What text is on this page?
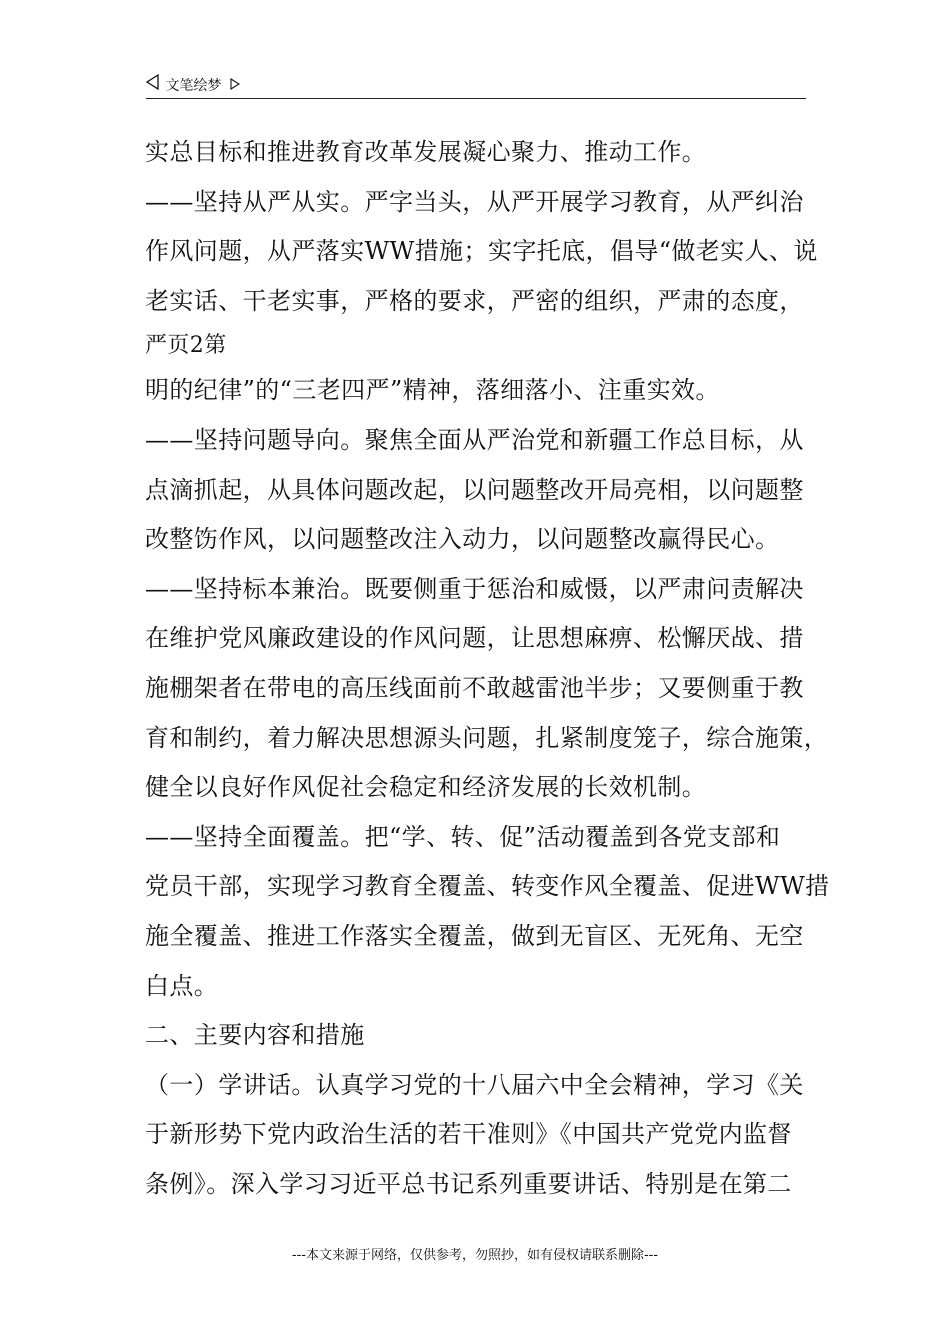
文笔绘梦
实总目标和推进教育改革发展凝心聚力、推动工作。
——坚持从严从实。严字当头，从严开展学习教育，从严纠治
作风问题，从严落实WW措施；实字托底，倡导“做老实人、说
老实话、干老实事，严格的要求，严密的组织，严肃的态度，
严页2第
明的纪律”的“三老四严”精神，落细落小、注重实效。
——坚持问题导向。聚焦全面从严治党和新疆工作总目标，从
点滴抓起，从具体问题改起，以问题整改开局亮相，以问题整
改整饬作风，以问题整改注入动力，以问题整改赢得民心。
——坚持标本兼治。既要侧重于惩治和威慑，以严肃问责解决
在维护党风廉政建设的作风问题，让思想麻痹、松懈厌战、措
施棚架者在带电的高压线面前不敢越雷池半步；又要侧重于教
育和制约，着力解决思想源头问题，扎紧制度笼子，综合施策，
健全以良好作风促社会稳定和经济发展的长效机制。
——坚持全面覆盖。把“学、转、促”活动覆盖到各党支部和
党员干部，实现学习教育全覆盖、转变作风全覆盖、促进WW措
施全覆盖、推进工作落实全覆盖，做到无盲区、无死角、无空
白点。
二、主要内容和措施
（一）学讲话。认真学习党的十八届六中全会精神，学习《关
于新形势下党内政治生活的若干准则》《中国共产党党内监督
条例》。深入学习习近平总书记系列重要讲话、特别是在第二
---本文来源于网络，仅供参考，勿照抄，如有侵权请联系删除---
